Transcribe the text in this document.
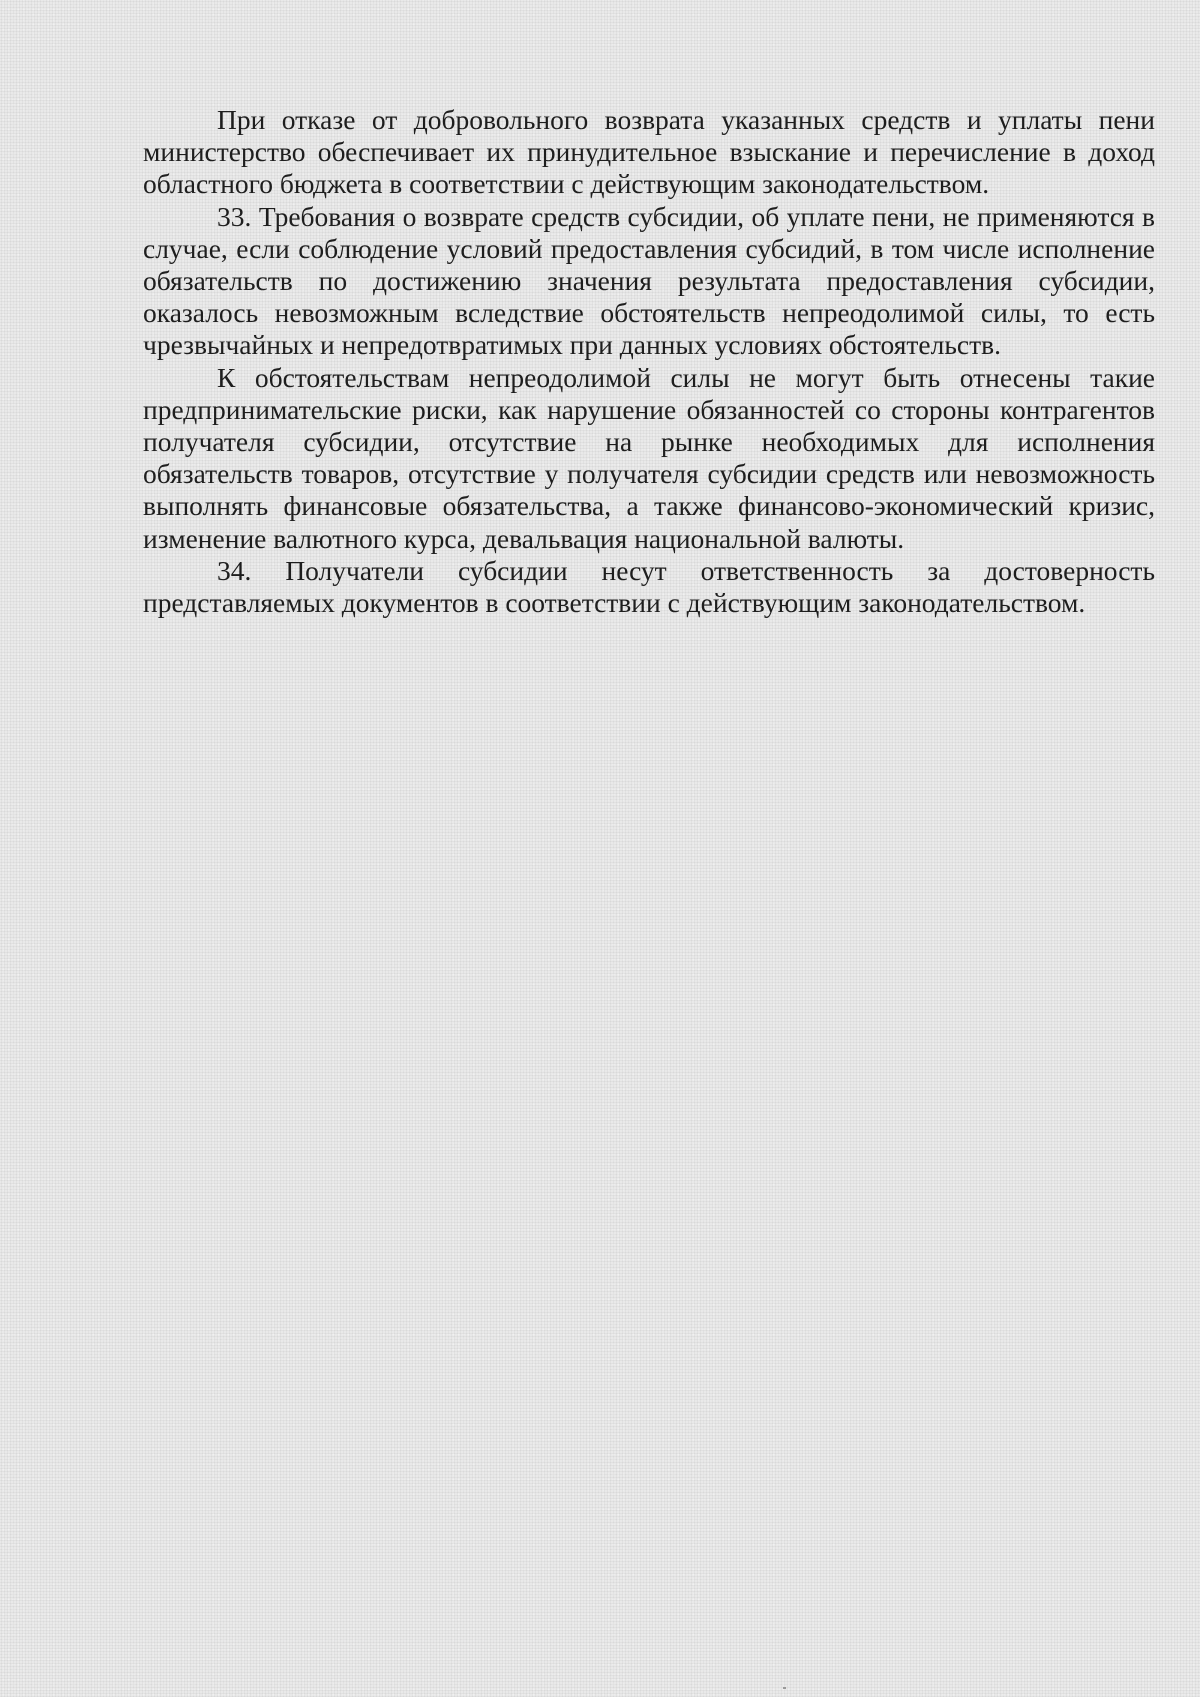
При отказе от добровольного возврата указанных средств и уплаты пени министерство обеспечивает их принудительное взыскание и перечисление в доход областного бюджета в соответствии с действующим законодательством.

33. Требования о возврате средств субсидии, об уплате пени, не применяются в случае, если соблюдение условий предоставления субсидий, в том числе исполнение обязательств по достижению значения результата предоставления субсидии, оказалось невозможным вследствие обстоятельств непреодолимой силы, то есть чрезвычайных и непредотвратимых при данных условиях обстоятельств.

К обстоятельствам непреодолимой силы не могут быть отнесены такие предпринимательские риски, как нарушение обязанностей со стороны контрагентов получателя субсидии, отсутствие на рынке необходимых для исполнения обязательств товаров, отсутствие у получателя субсидии средств или невозможность выполнять финансовые обязательства, а также финансово-экономический кризис, изменение валютного курса, девальвация национальной валюты.

34. Получатели субсидии несут ответственность за достоверность представляемых документов в соответствии с действующим законодательством.
